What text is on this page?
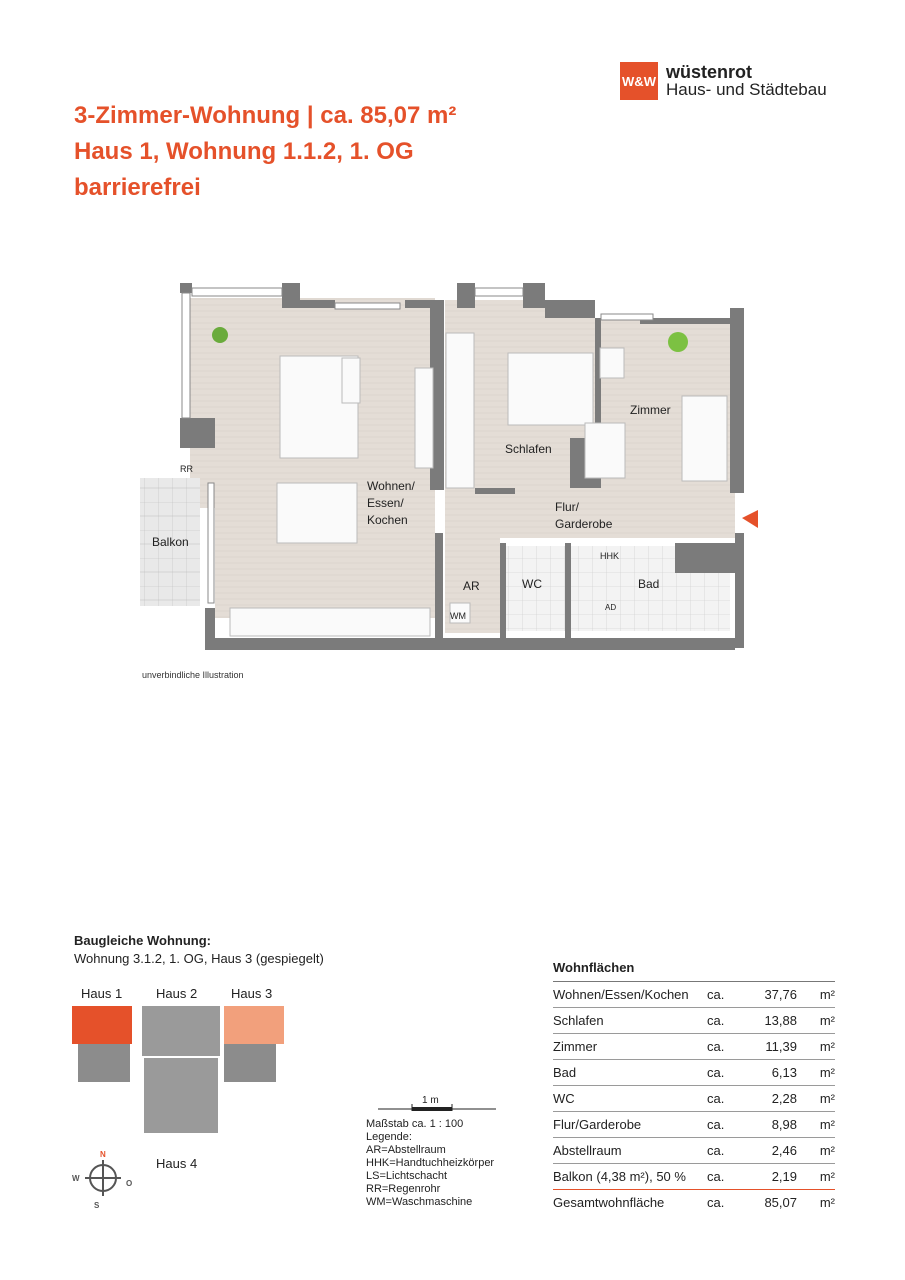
W&W wüstenrot
Haus- und Städtebau
3-Zimmer-Wohnung | ca. 85,07 m²
Haus 1, Wohnung 1.1.2, 1. OG
barrierefrei
Wohnen/
Essen/
Kochen
Schlafen
Zimmer
Flur/
Garderobe
Balkon
AR	WC	Bad
WM
HHK
RR
AD
unverbindliche Illustration
Baugleiche Wohnung:
Wohnung 3.1.2, 1. OG, Haus 3 (gespiegelt)
Haus 1	Haus 2	Haus 3
Haus 4
N
W
O
S
1 m
Maßstab ca. 1 : 100
Legende:
AR=Abstellraum
HHK=Handtuchheizkörper
LS=Lichtschacht
RR=Regenrohr
WM=Waschmaschine
Wohnflächen
Wohnen/Essen/Kochen	ca.	37,76	m²
Schlafen	ca.	13,88	m²
Zimmer	ca.	11,39	m²
Bad	ca.	6,13	m²
WC	ca.	2,28	m²
Flur/Garderobe	ca.	8,98	m²
Abstellraum	ca.	2,46	m²
Balkon (4,38 m²), 50 %	ca.	2,19	m²
Gesamtwohnfläche	ca.	85,07	m²
